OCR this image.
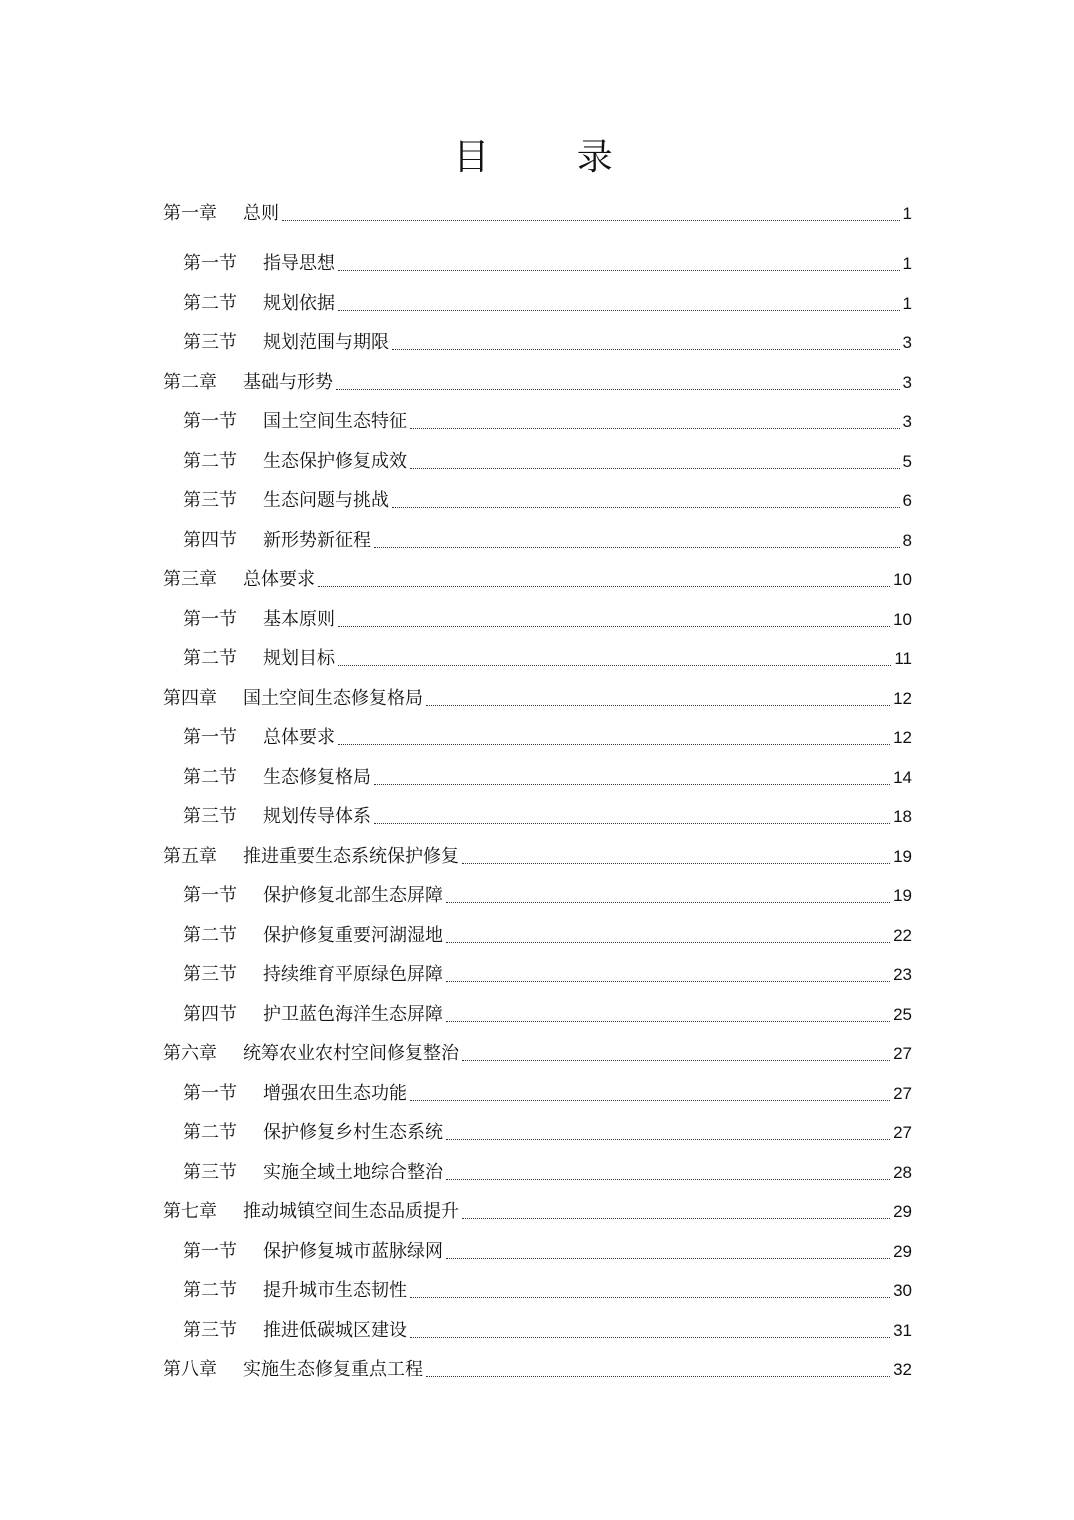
目 录
第一章	总则	1
第一节	指导思想	1
第二节	规划依据	1
第三节	规划范围与期限	3
第二章	基础与形势	3
第一节	国土空间生态特征	3
第二节	生态保护修复成效	5
第三节	生态问题与挑战	6
第四节	新形势新征程	8
第三章	总体要求	10
第一节	基本原则	10
第二节	规划目标	11
第四章	国土空间生态修复格局	12
第一节	总体要求	12
第二节	生态修复格局	14
第三节	规划传导体系	18
第五章	推进重要生态系统保护修复	19
第一节	保护修复北部生态屏障	19
第二节	保护修复重要河湖湿地	22
第三节	持续维育平原绿色屏障	23
第四节	护卫蓝色海洋生态屏障	25
第六章	统筹农业农村空间修复整治	27
第一节	增强农田生态功能	27
第二节	保护修复乡村生态系统	27
第三节	实施全域土地综合整治	28
第七章	推动城镇空间生态品质提升	29
第一节	保护修复城市蓝脉绿网	29
第二节	提升城市生态韧性	30
第三节	推进低碳城区建设	31
第八章	实施生态修复重点工程	32
